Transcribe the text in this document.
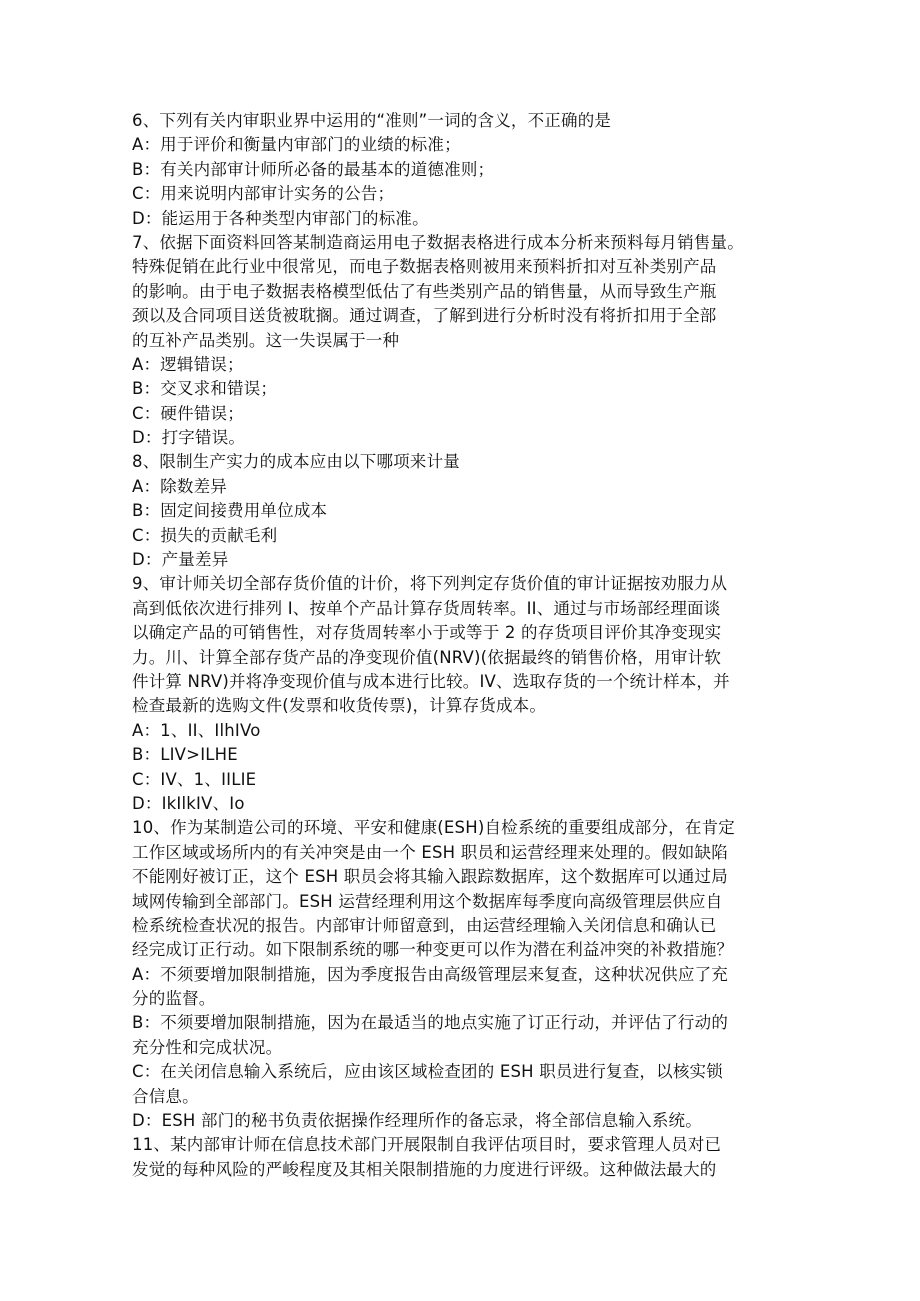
6、下列有关内审职业界中运用的“准则”一词的含义，不正确的是
A：用于评价和衡量内审部门的业绩的标准；
B：有关内部审计师所必备的最基本的道德准则；
C：用来说明内部审计实务的公告；
D：能运用于各种类型内审部门的标准。
7、依据下面资料回答某制造商运用电子数据表格进行成本分析来预料每月销售量。
特殊促销在此行业中很常见，而电子数据表格则被用来预料折扣对互补类别产品
的影响。由于电子数据表格模型低估了有些类别产品的销售量，从而导致生产瓶
颈以及合同项目送货被耽搁。通过调查，了解到进行分析时没有将折扣用于全部
的互补产品类别。这一失误属于一种
A：逻辑错误；
B：交叉求和错误；
C：硬件错误；
D：打字错误。
8、限制生产实力的成本应由以下哪项来计量
A：除数差异
B：固定间接费用单位成本
C：损失的贡献毛利
D：产量差异
9、审计师关切全部存货价值的计价，将下列判定存货价值的审计证据按劝服力从
高到低依次进行排列 I、按单个产品计算存货周转率。II、通过与市场部经理面谈
以确定产品的可销售性，对存货周转率小于或等于 2 的存货项目评价其净变现实
力。川、计算全部存货产品的净变现价值(NRV)(依据最终的销售价格，用审计软
件计算 NRV)并将净变现价值与成本进行比较。IV、选取存货的一个统计样本，并
检查最新的选购文件(发票和收货传票)，计算存货成本。
A：1、II、IlhIVo
B：LIV>ILHE
C：IV、1、IILIE
D：IkIlkIV、Io
10、作为某制造公司的环境、平安和健康(ESH)自检系统的重要组成部分，在肯定
工作区域或场所内的有关冲突是由一个 ESH 职员和运营经理来处理的。假如缺陷
不能刚好被订正，这个 ESH 职员会将其输入跟踪数据库，这个数据库可以通过局
域网传输到全部部门。ESH 运营经理利用这个数据库每季度向高级管理层供应自
检系统检查状况的报告。内部审计师留意到，由运营经理输入关闭信息和确认已
经完成订正行动。如下限制系统的哪一种变更可以作为潜在利益冲突的补救措施？
A：不须要增加限制措施，因为季度报告由高级管理层来复查，这种状况供应了充
分的监督。
B：不须要增加限制措施，因为在最适当的地点实施了订正行动，并评估了行动的
充分性和完成状况。
C：在关闭信息输入系统后，应由该区域检查团的 ESH 职员进行复查，以核实锁
合信息。
D：ESH 部门的秘书负责依据操作经理所作的备忘录，将全部信息输入系统。
11、某内部审计师在信息技术部门开展限制自我评估项目时，要求管理人员对已
发觉的每种风险的严峻程度及其相关限制措施的力度进行评级。这种做法最大的
